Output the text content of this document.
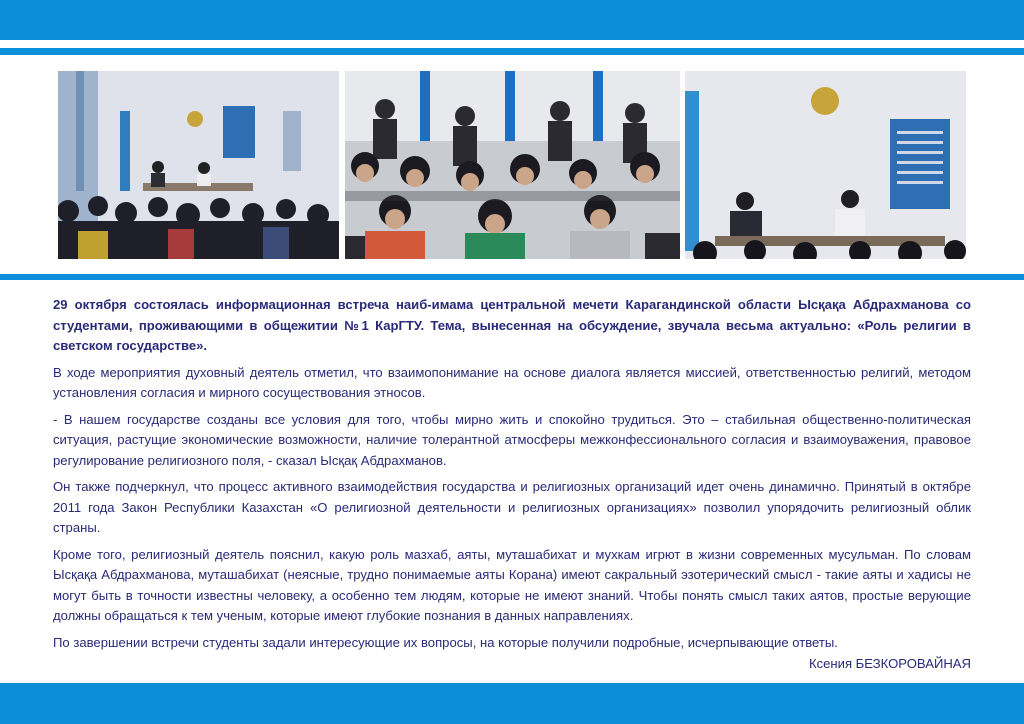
29 октября состоялась информационная встреча наиб-имама центральной мечети Карагандинской области Ысқақа Абдрахманова со студентами, проживающими в общежитии №1 КарГТУ. Тема, вынесенная на обсуждение, звучала весьма актуально: «Роль религии в светском государстве».

В ходе мероприятия духовный деятель отметил, что взаимопонимание на основе диалога является миссией, ответственностью религий, методом установления согласия и мирного сосуществования этносов.

- В нашем государстве созданы все условия для того, чтобы мирно жить и спокойно трудиться. Это – стабильная общественно-политическая ситуация, растущие экономические возможности, наличие толерантной атмосферы межконфессионального согласия и взаимоуважения, правовое регулирование религиозного поля, - сказал Ысқақ Абдрахманов.

Он также подчеркнул, что процесс активного взаимодействия государства и религиозных организаций идет очень динамично. Принятый в октябре 2011 года Закон Республики Казахстан «О религиозной деятельности и религиозных организациях» позволил упорядочить религиозный облик страны.

Кроме того, религиозный деятель пояснил, какую роль мазхаб, аяты, муташабихат и мухкам игрют в жизни современных мусульман. По словам Ысқақа Абдрахманова, муташабихат (неясные, трудно понимаемые аяты Корана) имеют сакральный эзотерический смысл - такие аяты и хадисы не могут быть в точности известны человеку, а особенно тем людям, которые не имеют знаний. Чтобы понять смысл таких аятов, простые верующие должны обращаться к тем ученым, которые имеют глубокие познания в данных направлениях.

По завершении встречи студенты задали интересующие их вопросы, на которые получили подробные, исчерпывающие ответы.

Ксения БЕЗКОРОВАЙНАЯ
